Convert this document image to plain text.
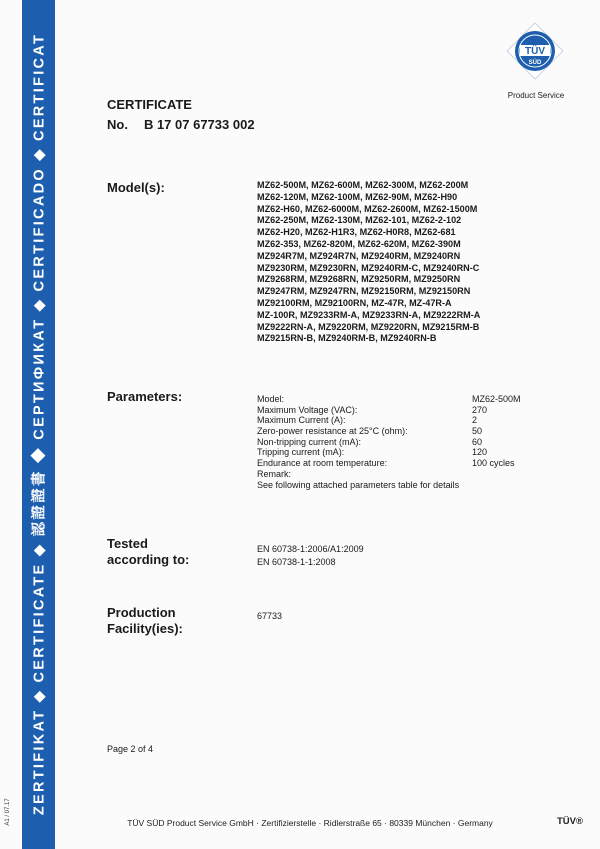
ZERTIFIKAT ◆ CERTIFICATE ◆ 認證證書 ◆ СЕРТИФИКАТ ◆ CERTIFICADO ◆ CERTIFICAT
A1 / 07.17
TÜV
SÜD
Product Service
CERTIFICATE
No. B 17 07 67733 002
Model(s):	MZ62-500M, MZ62-600M, MZ62-300M, MZ62-200M
MZ62-120M, MZ62-100M, MZ62-90M, MZ62-H90
MZ62-H60, MZ62-6000M, MZ62-2600M, MZ62-1500M
MZ62-250M, MZ62-130M, MZ62-101, MZ62-2-102
MZ62-H20, MZ62-H1R3, MZ62-H0R8, MZ62-681
MZ62-353, MZ62-820M, MZ62-620M, MZ62-390M
MZ924R7M, MZ924R7N, MZ9240RM, MZ9240RN
MZ9230RM, MZ9230RN, MZ9240RM-C, MZ9240RN-C
MZ9268RM, MZ9268RN, MZ9250RM, MZ9250RN
MZ9247RM, MZ9247RN, MZ92150RM, MZ92150RN
MZ92100RM, MZ92100RN, MZ-47R, MZ-47R-A
MZ-100R, MZ9233RM-A, MZ9233RN-A, MZ9222RM-A
MZ9222RN-A, MZ9220RM, MZ9220RN, MZ9215RM-B
MZ9215RN-B, MZ9240RM-B, MZ9240RN-B
Parameters:	Model:	MZ62-500M
Maximum Voltage (VAC):	270
Maximum Current (A):	2
Zero-power resistance at 25°C (ohm):	50
Non-tripping current (mA):	60
Tripping current (mA):	120
Endurance at room temperature:	100 cycles
Remark:
See following attached parameters table for details
Tested
according to:
EN 60738-1:2006/A1:2009
EN 60738-1-1:2008
Production
Facility(ies):
67733
Page 2 of 4
TÜV SÜD Product Service GmbH · Zertifizierstelle · Ridlerstraße 65 · 80339 München · Germany	TÜV®
